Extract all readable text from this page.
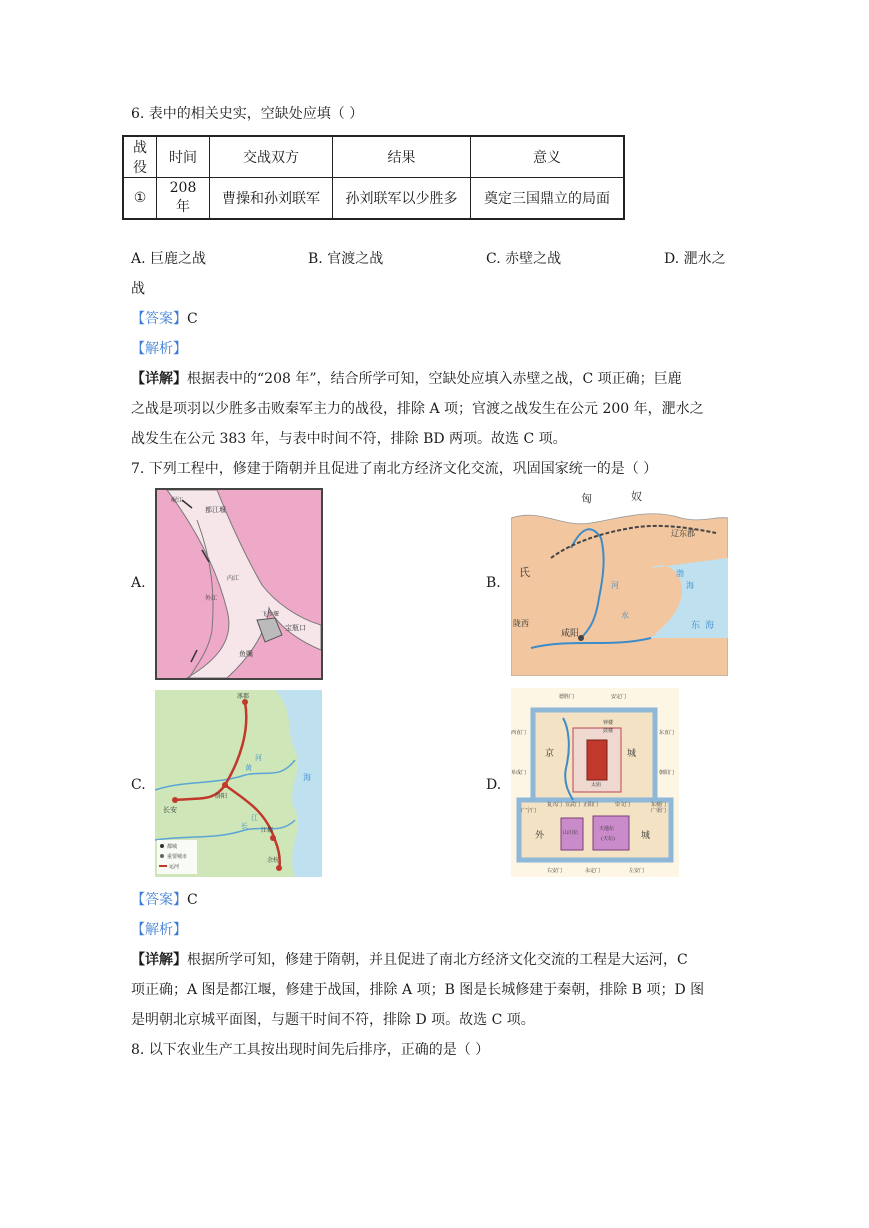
6. 表中的相关史实，空缺处应填（ ）
战役	时间	交战双方	结果	意义
①	208 年	曹操和孙刘联军	孙刘联军以少胜多	奠定三国鼎立的局面
A. 巨鹿之战	B. 官渡之战	C. 赤壁之战	D. 淝水之
战
【答案】C
【解析】
【详解】根据表中的“208 年”，结合所学可知，空缺处应填入赤壁之战，C 项正确；巨鹿
之战是项羽以少胜多击败秦军主力的战役，排除 A 项；官渡之战发生在公元 200 年，淝水之
战发生在公元 383 年，与表中时间不符，排除 BD 两项。故选 C 项。
7. 下列工程中，修建于隋朝并且促进了南北方经济文化交流，巩固国家统一的是（ ）
A.	B.
C.	D.
都江堰
宝瓶口
鱼嘴
飞沙堰
内江
外江
岷江	匈	奴
氏
辽东郡
咸阳
陇西
渤
海
东 海
河
水
涿郡
长安
洛阳
江都
余杭
海
河
江
黄
长
都城
重要城市
运河
京	城
外	城
德胜门	安定门
钟楼
鼓楼
西直门	东直门
阜成门	朝阳门
复兴门	东便门
正阳门
宣武门	崇文门
广宁门	广渠门
永定门
右安门	左安门
山川坛
天地坛
(天坛)
太庙
【答案】C
【解析】
【详解】根据所学可知，修建于隋朝，并且促进了南北方经济文化交流的工程是大运河，C
项正确；A 图是都江堰，修建于战国，排除 A 项；B 图是长城修建于秦朝，排除 B 项；D 图
是明朝北京城平面图，与题干时间不符，排除 D 项。故选 C 项。
8. 以下农业生产工具按出现时间先后排序，正确的是（ ）
